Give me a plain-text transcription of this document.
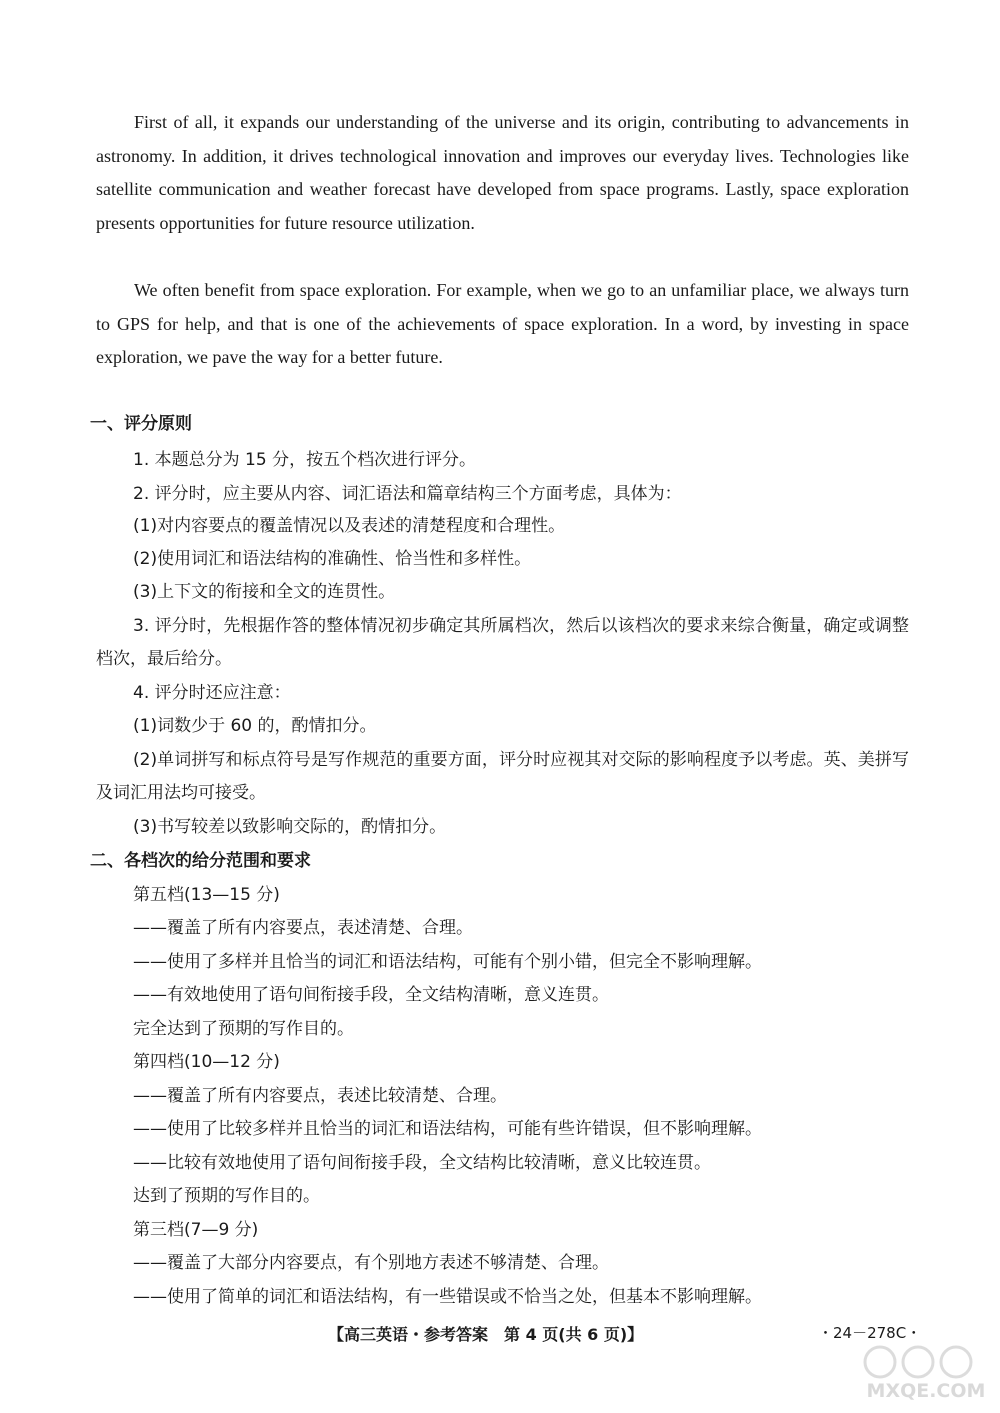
First of all, it expands our understanding of the universe and its origin, contributing to advancements in astronomy. In addition, it drives technological innovation and improves our everyday lives. Technologies like satellite communication and weather forecast have developed from space programs. Lastly, space exploration presents opportunities for future resource utilization.

We often benefit from space exploration. For example, when we go to an unfamiliar place, we always turn to GPS for help, and that is one of the achievements of space exploration. In a word, by investing in space exploration, we pave the way for a better future.

一、评分原则
1. 本题总分为 15 分，按五个档次进行评分。
2. 评分时，应主要从内容、词汇语法和篇章结构三个方面考虑，具体为：
(1)对内容要点的覆盖情况以及表述的清楚程度和合理性。
(2)使用词汇和语法结构的准确性、恰当性和多样性。
(3)上下文的衔接和全文的连贯性。
3. 评分时，先根据作答的整体情况初步确定其所属档次，然后以该档次的要求来综合衡量，确定或调整档次，最后给分。
4. 评分时还应注意：
(1)词数少于 60 的，酌情扣分。
(2)单词拼写和标点符号是写作规范的重要方面，评分时应视其对交际的影响程度予以考虑。英、美拼写及词汇用法均可接受。
(3)书写较差以致影响交际的，酌情扣分。
二、各档次的给分范围和要求
第五档(13—15 分)
——覆盖了所有内容要点，表述清楚、合理。
——使用了多样并且恰当的词汇和语法结构，可能有个别小错，但完全不影响理解。
——有效地使用了语句间衔接手段，全文结构清晰，意义连贯。
完全达到了预期的写作目的。
第四档(10—12 分)
——覆盖了所有内容要点，表述比较清楚、合理。
——使用了比较多样并且恰当的词汇和语法结构，可能有些许错误，但不影响理解。
——比较有效地使用了语句间衔接手段，全文结构比较清晰，意义比较连贯。
达到了预期的写作目的。
第三档(7—9 分)
——覆盖了大部分内容要点，有个别地方表述不够清楚、合理。
——使用了简单的词汇和语法结构，有一些错误或不恰当之处，但基本不影响理解。
【高三英语・参考答案　第 4 页(共 6 页)】	・24－278C・
MXQE.COM
